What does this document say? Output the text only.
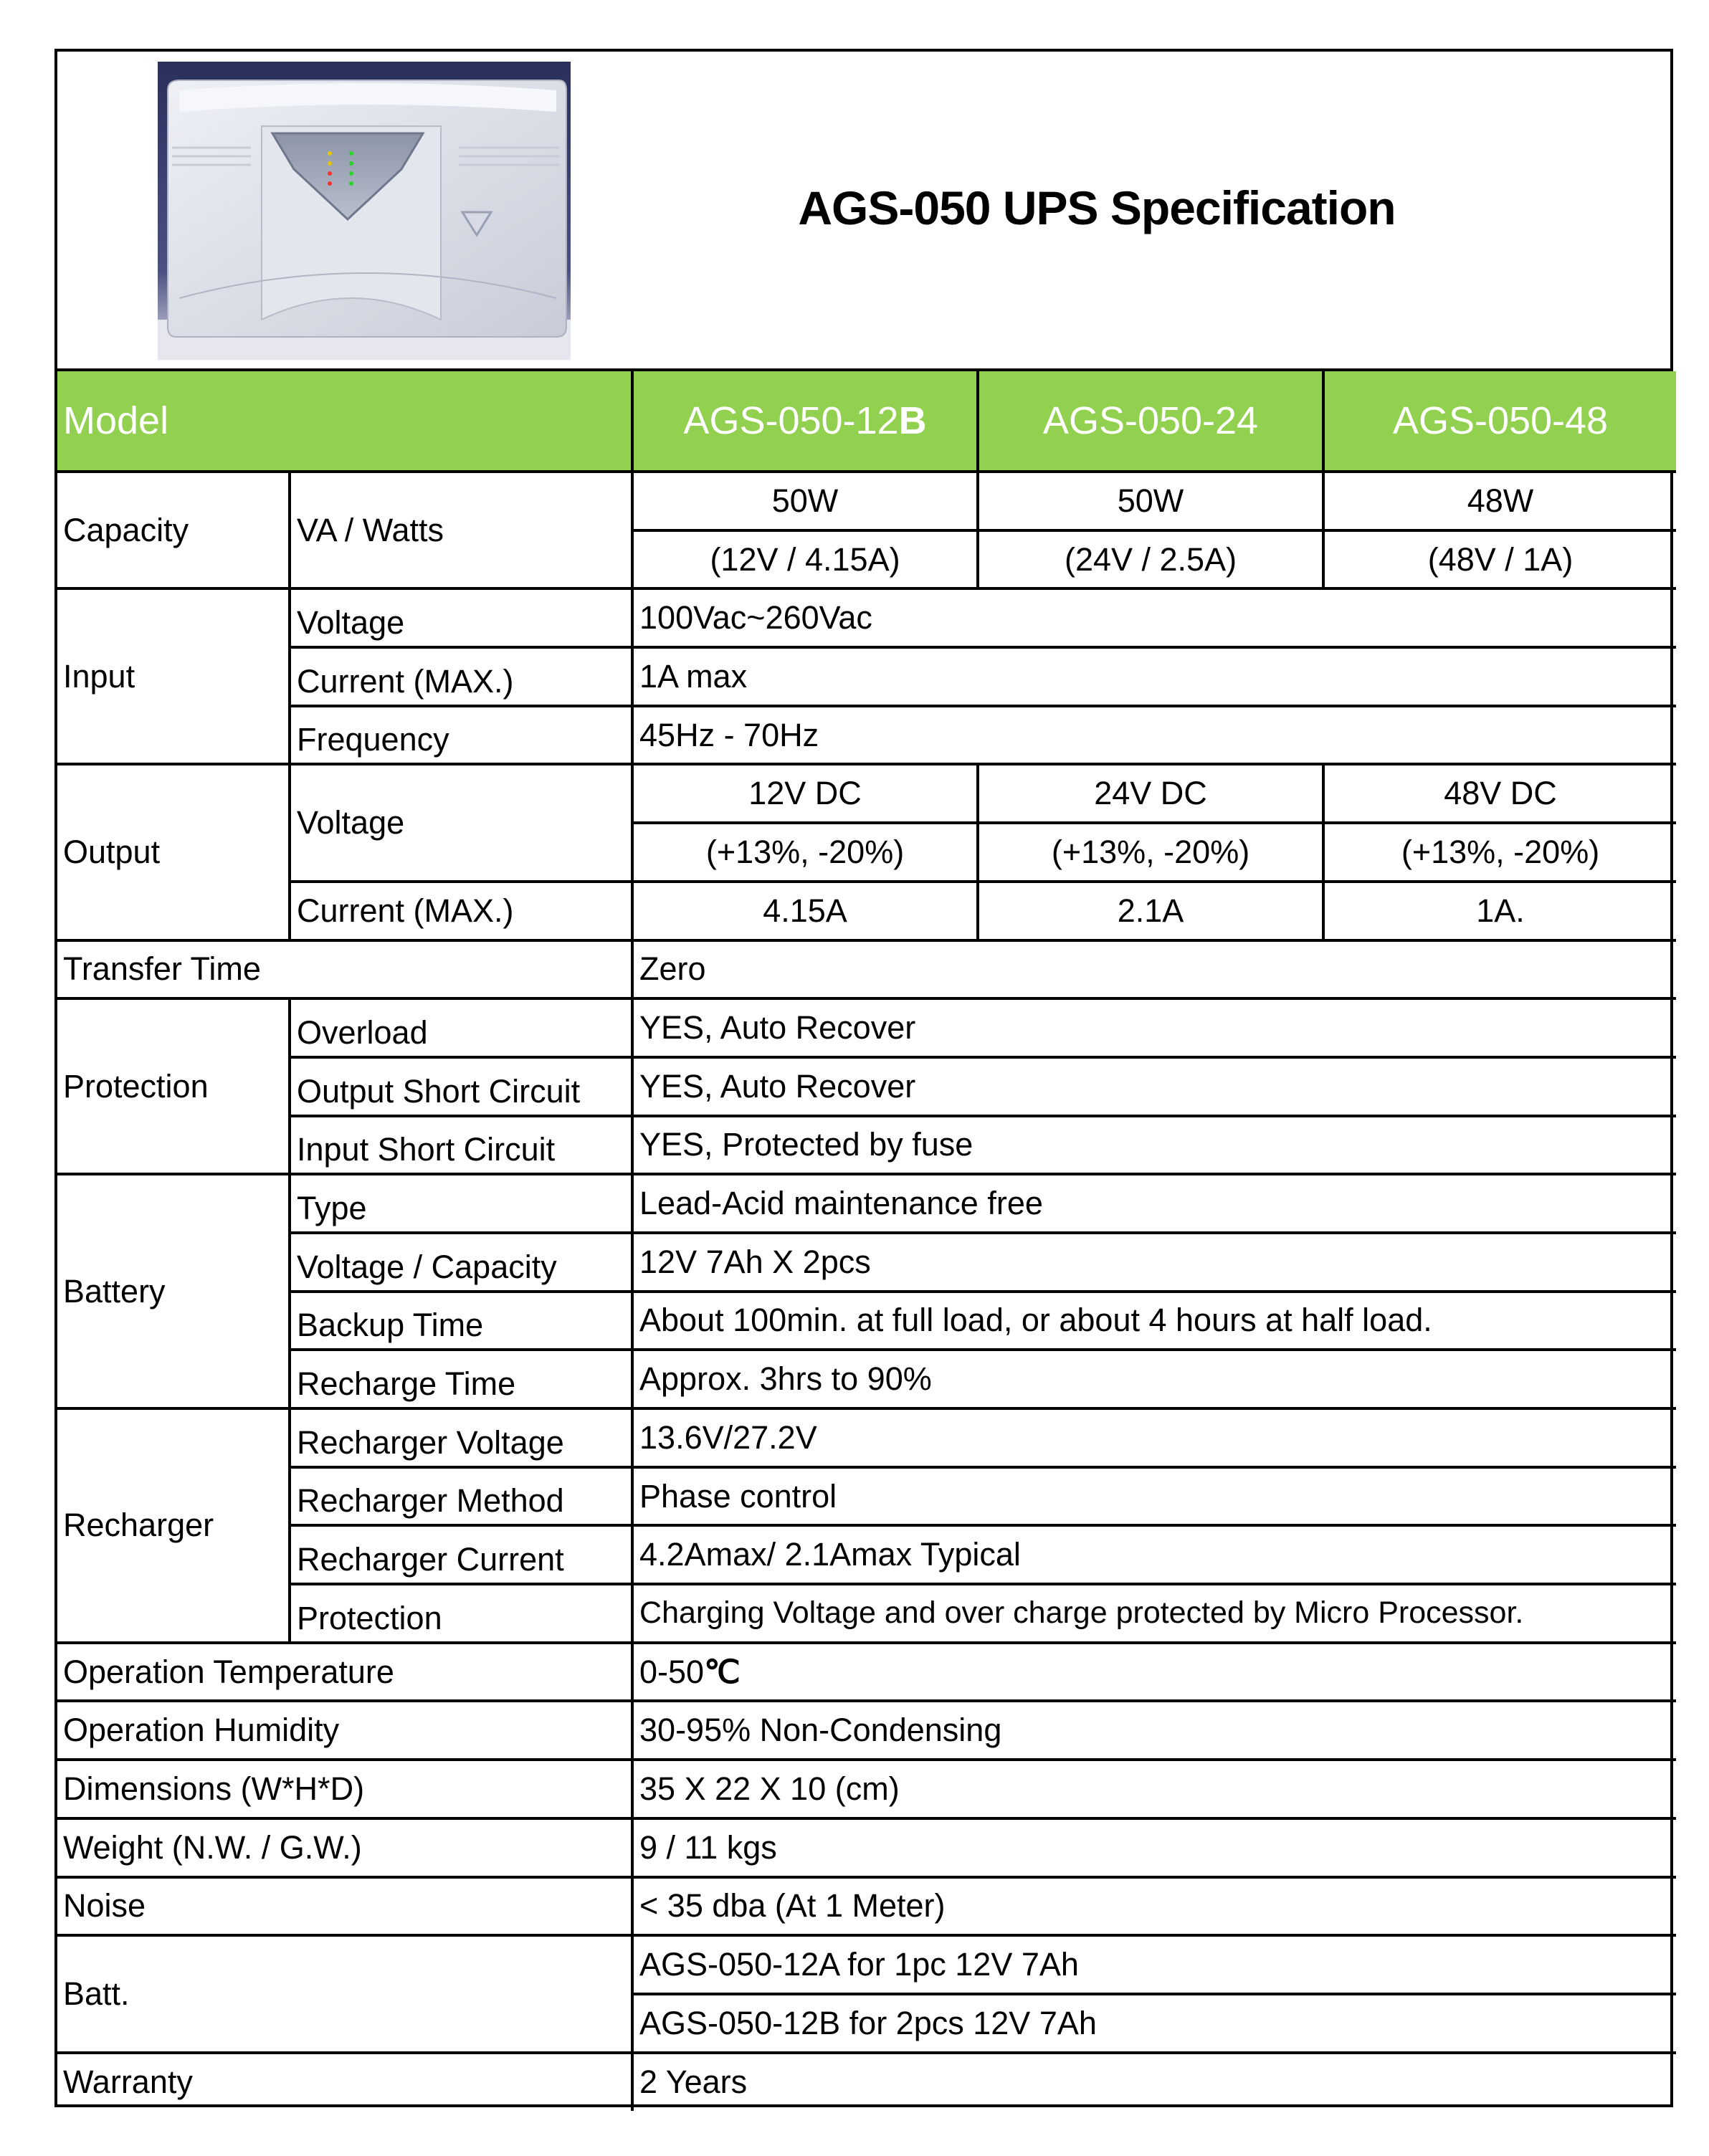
AGS-050 UPS Specification
Model		AGS-050-12B	AGS-050-24	AGS-050-48
Capacity	VA / Watts	50W	50W	48W
		(12V / 4.15A)	(24V / 2.5A)	(48V / 1A)
Input	Voltage	100Vac~260Vac		
	Current (MAX.)	1A max		
	Frequency	45Hz - 70Hz		
Output	Voltage	12V DC	24V DC	48V DC
		(+13%, -20%)	(+13%, -20%)	(+13%, -20%)
	Current (MAX.)	4.15A	2.1A	1A.
Transfer Time		Zero		
Protection	Overload	YES, Auto Recover		
	Output Short Circuit	YES, Auto Recover		
	Input Short Circuit	YES, Protected by fuse		
Battery	Type	Lead-Acid maintenance free		
	Voltage / Capacity	12V 7Ah X 2pcs		
	Backup Time	About 100min. at full load, or about 4 hours at half load.		
	Recharge Time	Approx. 3hrs to 90%		
Recharger	Recharger Voltage	13.6V/27.2V		
	Recharger Method	Phase control		
	Recharger Current	4.2Amax/ 2.1Amax Typical		
	Protection	Charging Voltage and over charge protected by Micro Processor.		
Operation Temperature		0-50℃		
Operation Humidity		30-95% Non-Condensing		
Dimensions (W*H*D)		35 X 22 X 10 (cm)		
Weight (N.W. / G.W.)		9 / 11 kgs		
Noise		< 35 dba (At 1 Meter)		
Batt.		AGS-050-12A for 1pc 12V 7Ah		
		AGS-050-12B for 2pcs 12V 7Ah		
Warranty		2 Years		
